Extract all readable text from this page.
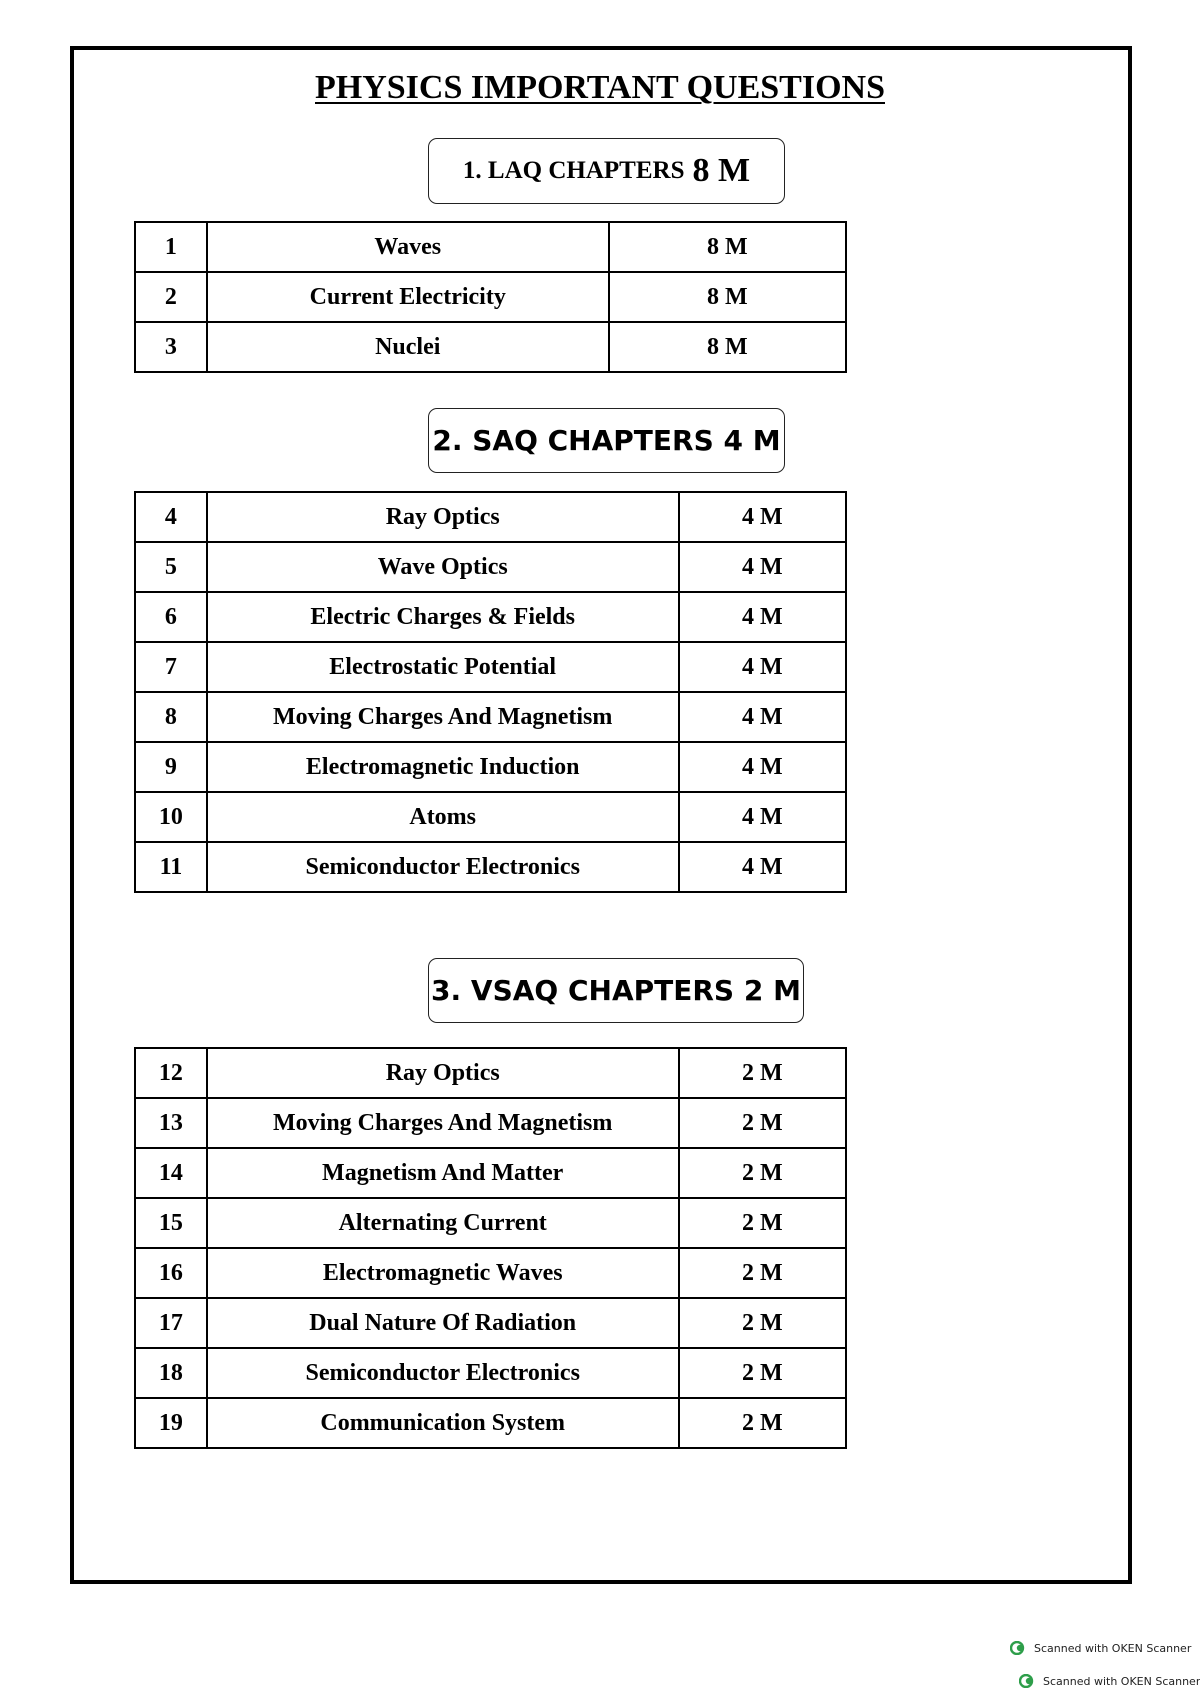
PHYSICS IMPORTANT QUESTIONS
1. LAQ CHAPTERS 8 M
1	Waves	8 M
2	Current Electricity	8 M
3	Nuclei	8 M
2. SAQ CHAPTERS 4 M
4	Ray Optics	4 M
5	Wave Optics	4 M
6	Electric Charges & Fields	4 M
7	Electrostatic Potential	4 M
8	Moving Charges And Magnetism	4 M
9	Electromagnetic Induction	4 M
10	Atoms	4 M
11	Semiconductor Electronics	4 M
3. VSAQ CHAPTERS 2 M
12	Ray Optics	2 M
13	Moving Charges And Magnetism	2 M
14	Magnetism And Matter	2 M
15	Alternating Current	2 M
16	Electromagnetic Waves	2 M
17	Dual Nature Of Radiation	2 M
18	Semiconductor Electronics	2 M
19	Communication System	2 M
Scanned with OKEN Scanner
Scanned with OKEN Scanner
